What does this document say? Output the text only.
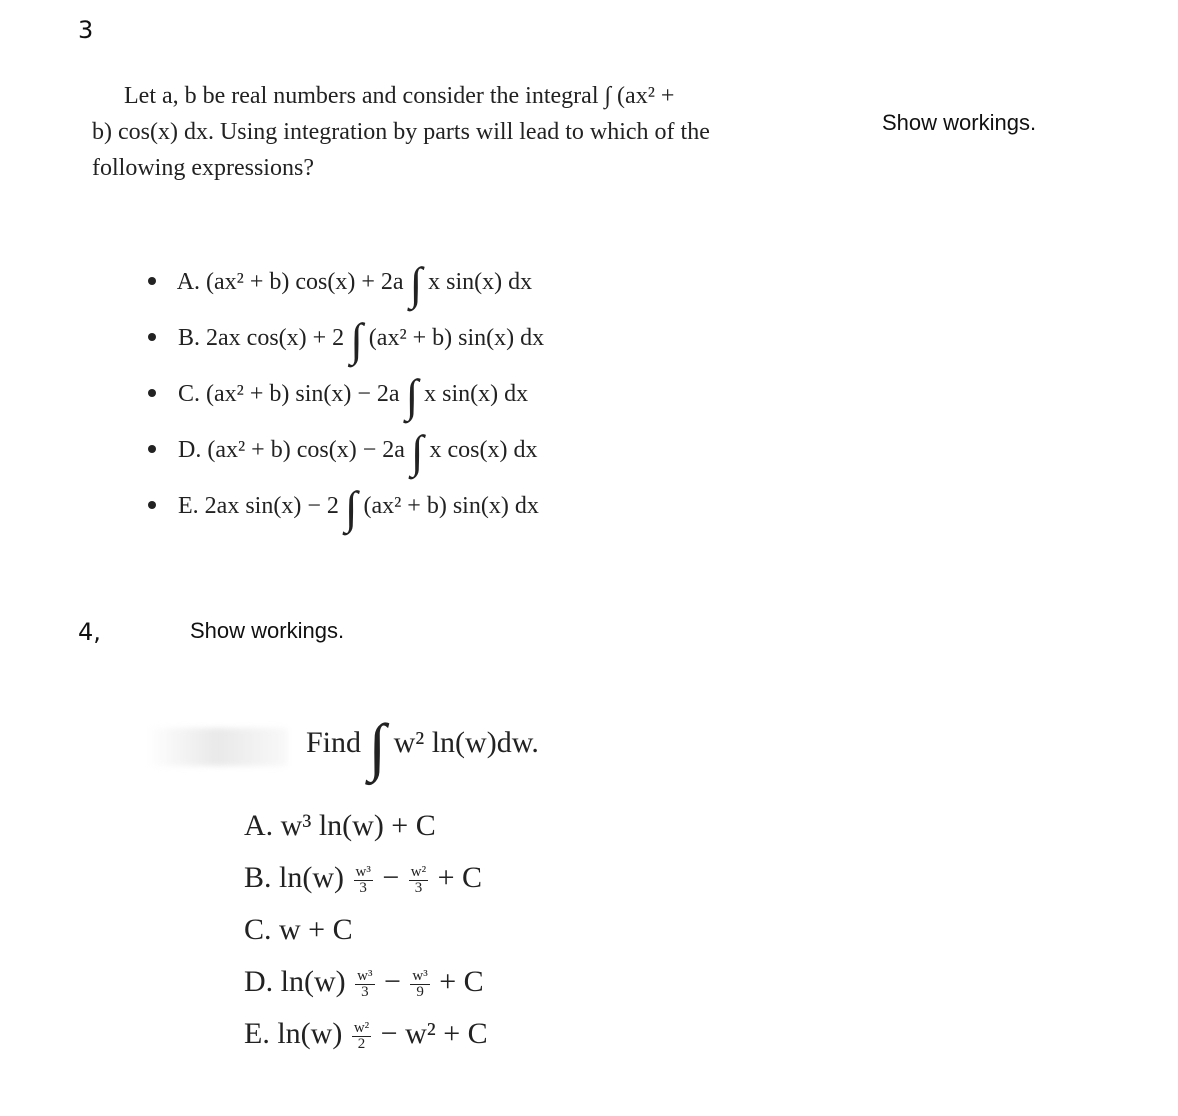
3
Show workings.
Let a, b be real numbers and consider the integral ∫ (ax² +
b) cos(x) dx. Using integration by parts will lead to which of the
following expressions?
A. (ax² + b) cos(x) + 2a ∫ x sin(x) dx
B. 2ax cos(x) + 2 ∫ (ax² + b) sin(x) dx
C. (ax² + b) sin(x) − 2a ∫ x sin(x) dx
D. (ax² + b) cos(x) − 2a ∫ x cos(x) dx
E. 2ax sin(x) − 2 ∫ (ax² + b) sin(x) dx
4,	Show workings.
Find ∫ w² ln(w)dw.
A. w³ ln(w) + C
B. $\ln(w) \frac{\text{w³}}{3} - \frac{\text{w²}}{3} + C$
C. w + C
D. $\ln(w) \frac{\text{w³}}{3} - \frac{\text{w³}}{9} + C$
E. $\ln(w) \frac{\text{w²}}{2} - w^2 + C$
